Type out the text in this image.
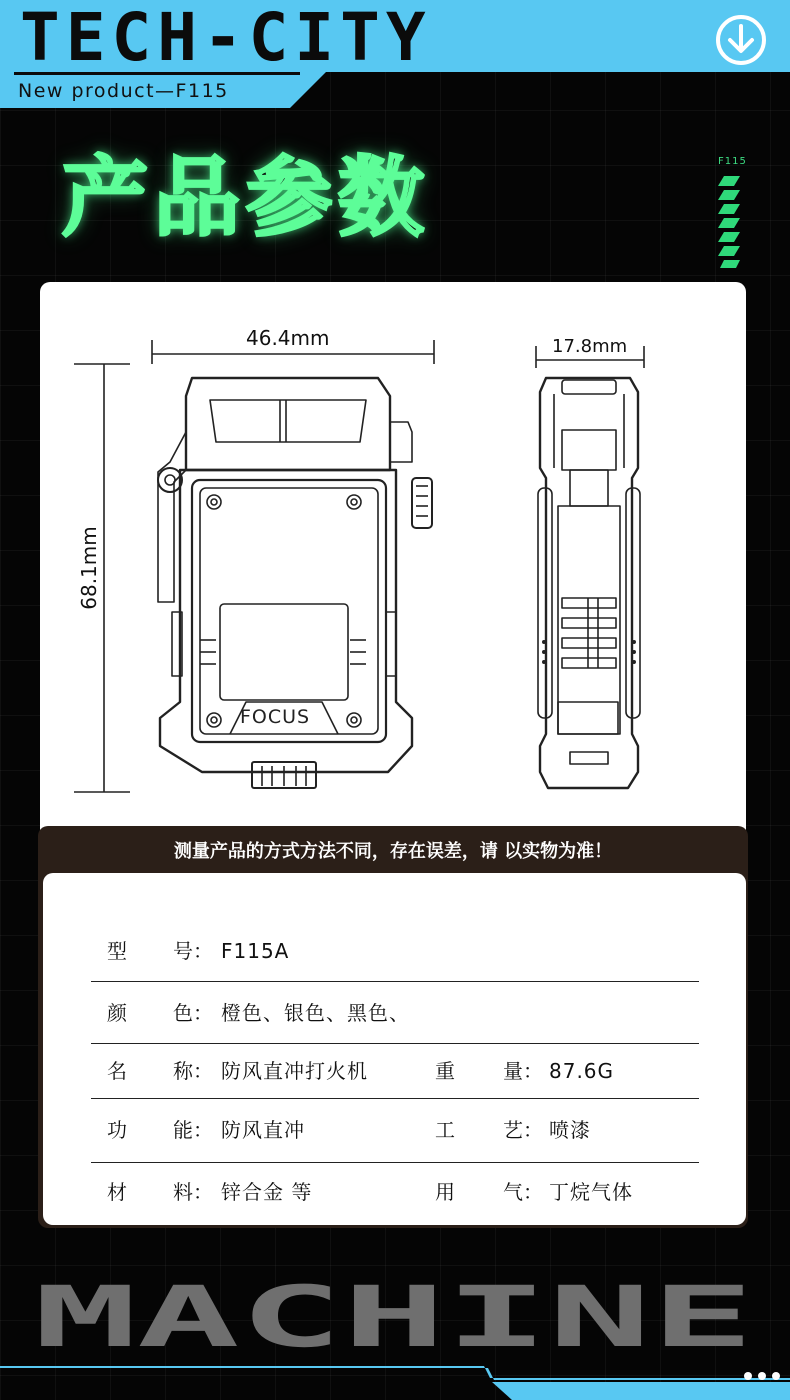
TECH-CITY
New product—F115
产品参数	F115
46.4mm	17.8mm
68.1mm
FOCUS
测量产品的方式方法不同，存在误差，请 以实物为准！
型 号： F115A
颜 色： 橙色、银色、黑色、
名 称： 防风直冲打火机	重 量： 87.6G
功 能： 防风直冲	工 艺： 喷漆
材 料： 锌合金 等	用 气： 丁烷气体
MACHINE
